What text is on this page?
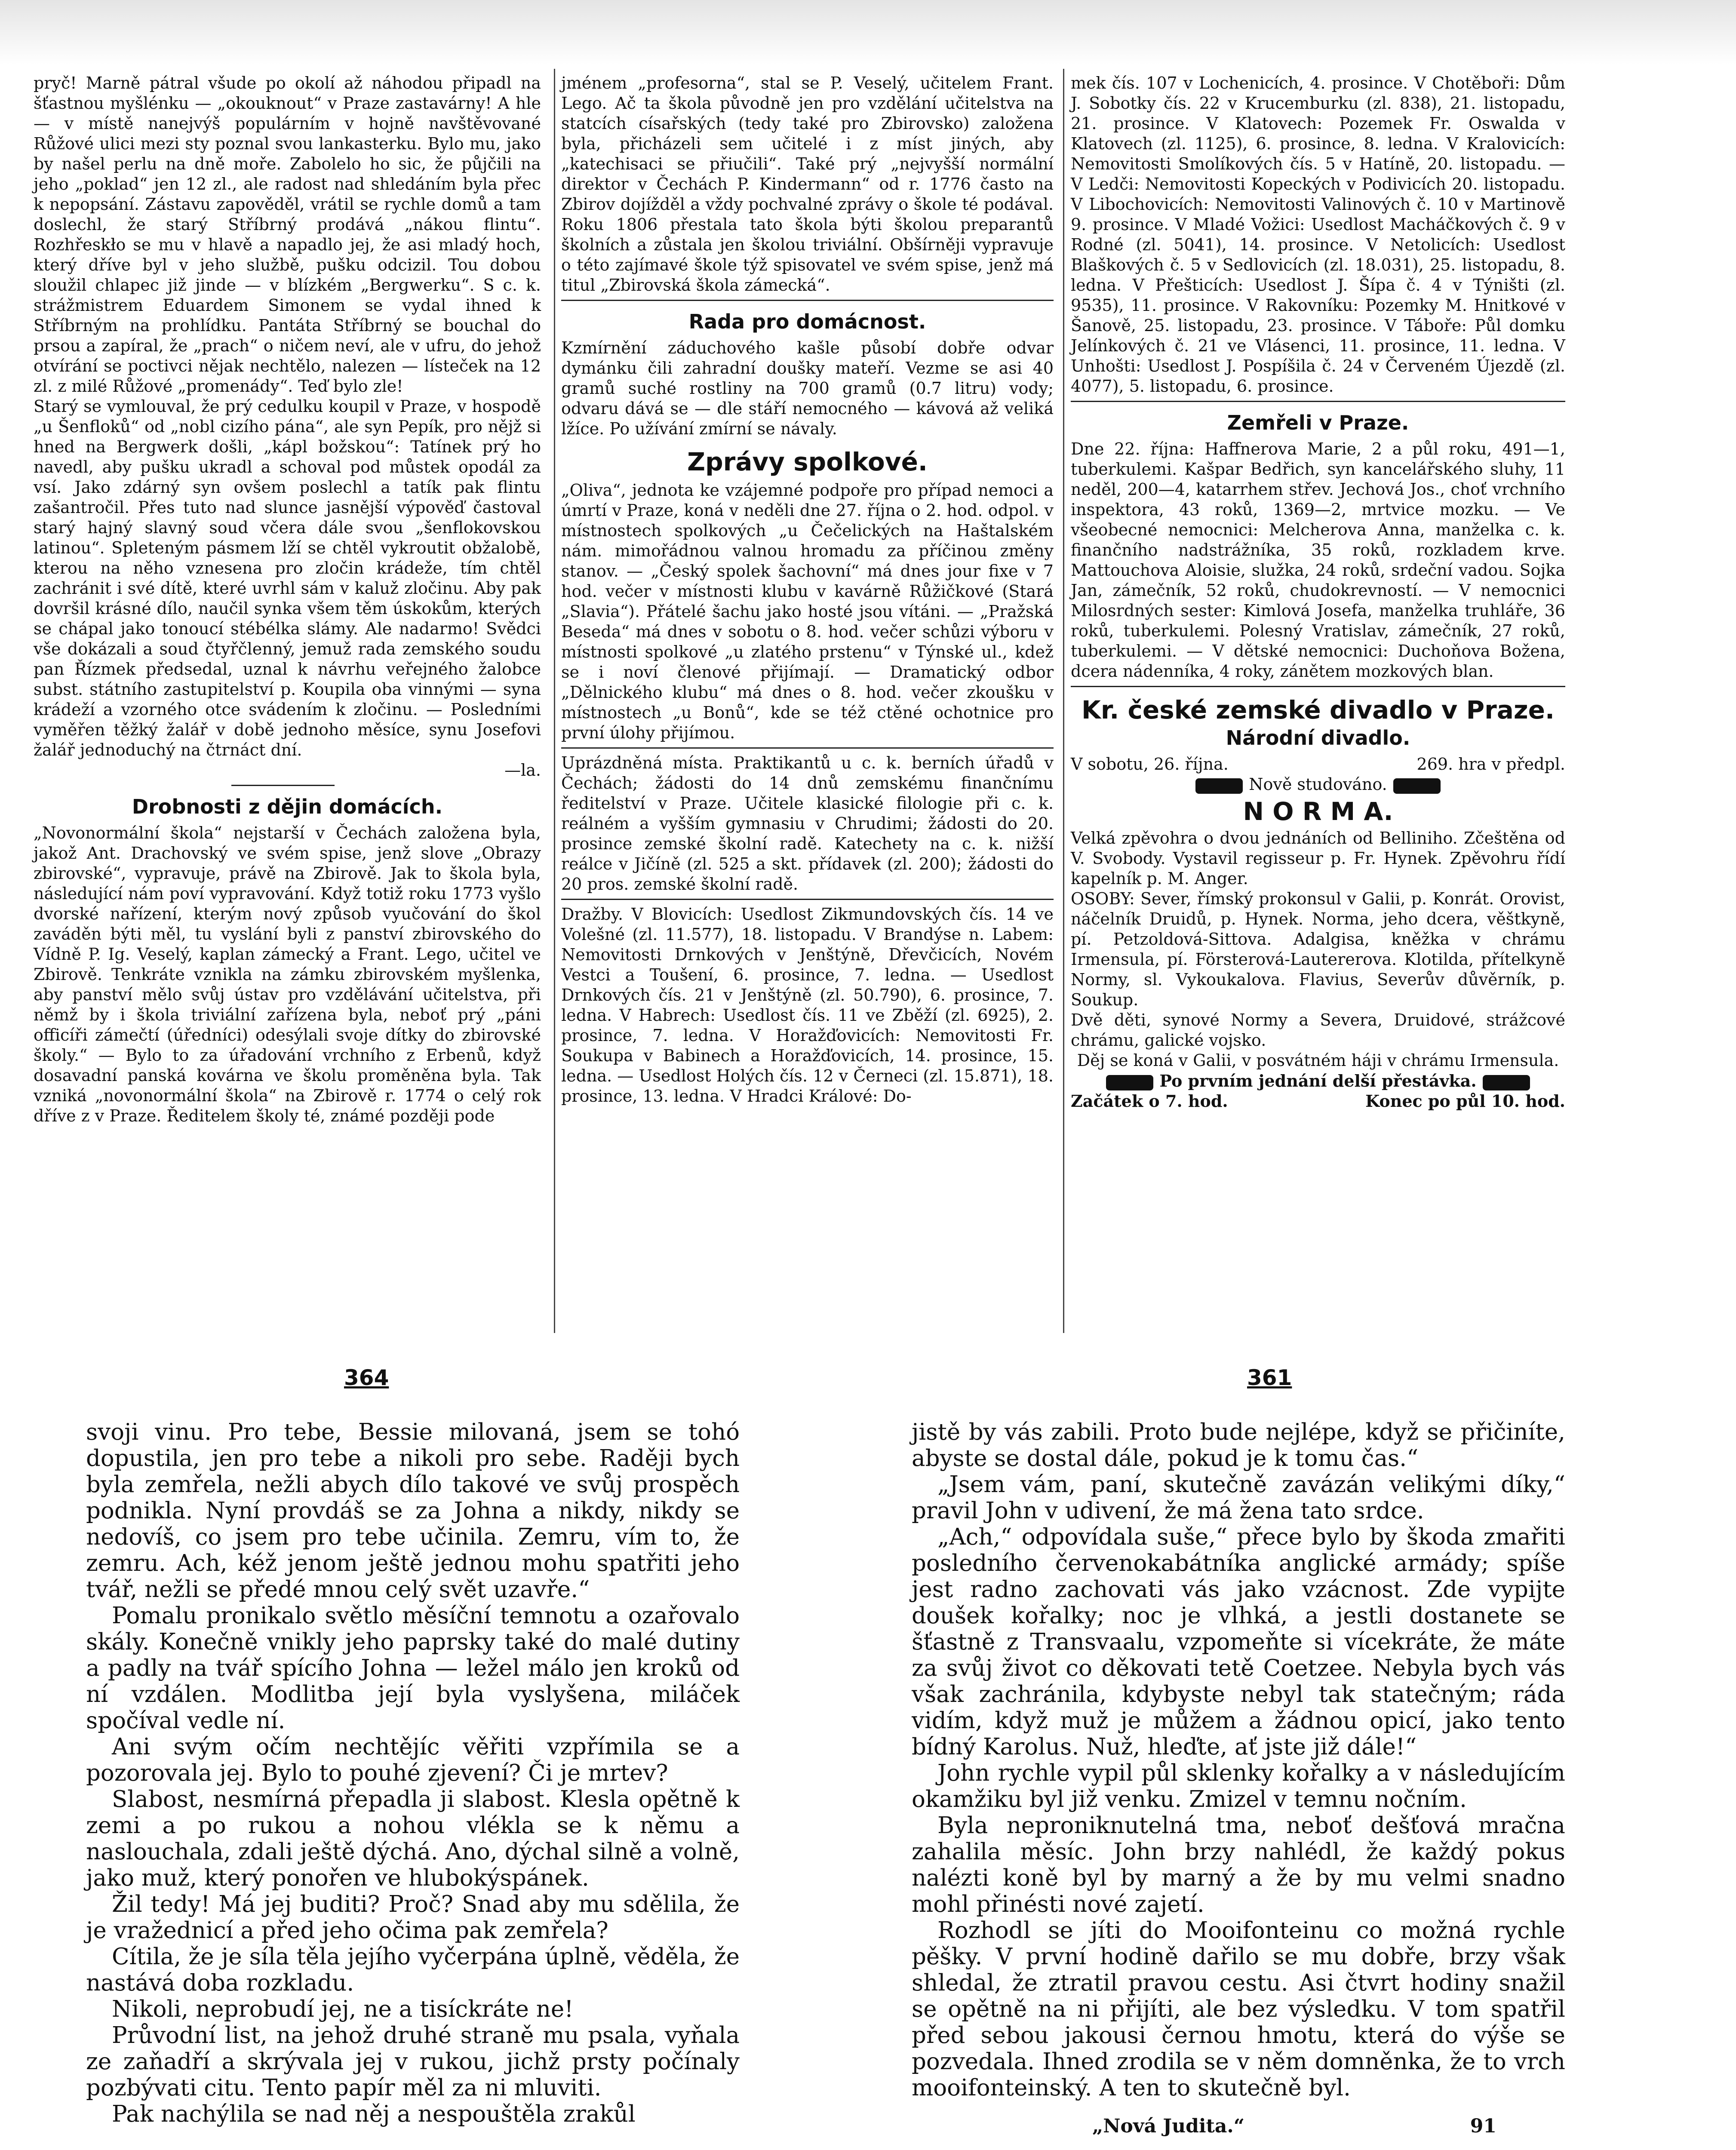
pryč! Marně pátral všude po okolí až náhodou připadl na šťastnou myšlénku — „okouknout“ v Praze zastavárny! A hle — v místě nanejvýš populárním v hojně navštěvované Růžové ulici mezi sty poznal svou lankasterku. Bylo mu, jako by našel perlu na dně moře. Zabolelo ho sic, že půjčili na jeho „poklad“ jen 12 zl., ale radost nad shledáním byla přec k nepopsání. Zástavu zapověděl, vrátil se rychle domů a tam doslechl, že starý Stříbrný prodává „nákou flintu“. Rozhřeskło se mu v hlavě a napadlo jej, že asi mladý hoch, který dříve byl v jeho službě, pušku odcizil. Tou dobou sloužil chlapec již jinde — v blízkém „Bergwerku“. S c. k. strážmistrem Eduardem Simonem se vydal ihned k Stříbrným na prohlídku. Pantáta Stříbrný se bouchal do prsou a zapíral, že „prach“ o ničem neví, ale v ufru, do jehož otvírání se poctivci nějak nechtělo, nalezen — lísteček na 12 zl. z milé Růžové „promenády“. Teď bylo zle!

Starý se vymlouval, že prý cedulku koupil v Praze, v hospodě „u Šenfloků“ od „nobl cizího pána“, ale syn Pepík, pro nějž si hned na Bergwerk došli, „kápl božskou“: Tatínek prý ho navedl, aby pušku ukradl a schoval pod můstek opodál za vsí. Jako zdárný syn ovšem poslechl a tatík pak flintu zašantročil. Přes tuto nad slunce jasnější výpověď častoval starý hajný slavný soud včera dále svou „šenflokovskou latinou“. Spleteným pásmem lží se chtěl vykroutit obžalobě, kterou na něho vznesena pro zločin krádeže, tím chtěl zachránit i své dítě, které uvrhl sám v kaluž zločinu. Aby pak dovršil krásné dílo, naučil synka všem těm úskokům, kterých se chápal jako tonoucí stébélka slámy. Ale nadarmo! Svědci vše dokázali a soud čtyřčlenný, jemuž rada zemského soudu pan Řízmek předsedal, uznal k návrhu veřejného žalobce subst. státního zastupitelství p. Koupila oba vinnými — syna krádeží a vzorného otce svádením k zločinu. — Posledními vyměřen těžký žalář v době jednoho měsíce, synu Josefovi žalář jednoduchý na čtrnáct dní.

—la.

Drobnosti z dějin domácích.

„Novonormální škola“ nejstarší v Čechách založena byla, jakož Ant. Drachovský ve svém spise, jenž slove „Obrazy zbirovské“, vypravuje, právě na Zbirově. Jak to škola byla, následující nám poví vypravování. Když totiž roku 1773 vyšlo dvorské nařízení, kterým nový způsob vyučování do škol zaváděn býti měl, tu vyslání byli z panství zbirovského do Vídně P. Ig. Veselý, kaplan zámecký a Frant. Lego, učitel ve Zbirově. Tenkráte vznikla na zámku zbirovském myšlenka, aby panství mělo svůj ústav pro vzdělávání učitelstva, při němž by i škola triviální zařízena byla, neboť prý „páni officíři zámečtí (úředníci) odesýlali svoje dítky do zbirovské školy.“ — Bylo to za úřadování vrchního z Erbenů, když dosavadní panská kovárna ve školu proměněna byla. Tak vzniká „novonormální škola“ na Zbirově r. 1774 o celý rok dříve z v Praze. Ředitelem školy té, známé později pode

jménem „profesorna“, stal se P. Veselý, učitelem Frant. Lego. Ač ta škola původně jen pro vzdělání učitelstva na statcích císařských (tedy také pro Zbirovsko) založena byla, přicházeli sem učitelé i z míst jiných, aby „katechisaci se přiučili“. Také prý „nejvyšší normální direktor v Čechách P. Kindermann“ od r. 1776 často na Zbirov dojížděl a vždy pochvalné zprávy o škole té podával. Roku 1806 přestala tato škola býti školou preparantů školních a zůstala jen školou triviální. Obšírněji vypravuje o této zajímavé škole týž spisovatel ve svém spise, jenž má titul „Zbirovská škola zámecká“.

Rada pro domácnost.

Kzmírnění záduchového kašle působí dobře odvar dymánku čili zahradní doušky mateří. Vezme se asi 40 gramů suché rostliny na 700 gramů (0.7 litru) vody; odvaru dává se — dle stáří nemocného — kávová až veliká lžíce. Po užívání zmírní se návaly.

Zprávy spolkové.

„Oliva“, jednota ke vzájemné podpoře pro případ nemoci a úmrtí v Praze, koná v neděli dne 27. října o 2. hod. odpol. v místnostech spolkových „u Čečelických na Haštalském nám. mimořádnou valnou hromadu za příčinou změny stanov. — „Český spolek šachovní“ má dnes jour fixe v 7 hod. večer v místnosti klubu v kavárně Růžičkové (Stará „Slavia“). Přátelé šachu jako hosté jsou vítáni. — „Pražská Beseda“ má dnes v sobotu o 8. hod. večer schůzi výboru v místnosti spolkové „u zlatého prstenu“ v Týnské ul., kdež se i noví členové přijímají. — Dramatický odbor „Dělnického klubu“ má dnes o 8. hod. večer zkoušku v místnostech „u Bonů“, kde se též ctěné ochotnice pro první úlohy přijímou.

Uprázdněná místa. Praktikantů u c. k. berních úřadů v Čechách; žádosti do 14 dnů zemskému finančnímu ředitelství v Praze. Učitele klasické filologie při c. k. reálném a vyšším gymnasiu v Chrudimi; žádosti do 20. prosince zemské školní radě. Katechety na c. k. nižší reálce v Jičíně (zl. 525 a skt. přídavek (zl. 200); žádosti do 20 pros. zemské školní radě.

Dražby. V Blovicích: Usedlost Zikmundovských čís. 14 ve Volešné (zl. 11.577), 18. listopadu. V Brandýse n. Labem: Nemovitosti Drnkových v Jenštýně, Dřevčicích, Novém Vestci a Toušení, 6. prosince, 7. ledna. — Usedlost Drnkových čís. 21 v Jenštýně (zl. 50.790), 6. prosince, 7. ledna. V Habrech: Usedlost čís. 11 ve Zběží (zl. 6925), 2. prosince, 7. ledna. V Horažďovicích: Nemovitosti Fr. Soukupa v Babinech a Horažďovicích, 14. prosince, 15. ledna. — Usedlost Holých čís. 12 v Černeci (zl. 15.871), 18. prosince, 13. ledna. V Hradci Králové: Do-

mek čís. 107 v Lochenicích, 4. prosince. V Chotěboři: Dům J. Sobotky čís. 22 v Krucemburku (zl. 838), 21. listopadu, 21. prosince. V Klatovech: Pozemek Fr. Oswalda v Klatovech (zl. 1125), 6. prosince, 8. ledna. V Kralovicích: Nemovitosti Smolíkových čís. 5 v Hatíně, 20. listopadu. — V Ledči: Nemovitosti Kopeckých v Podivicích 20. listopadu. V Libochovicích: Nemovitosti Valinových č. 10 v Martinově 9. prosince. V Mladé Vožici: Usedlost Macháčkových č. 9 v Rodné (zl. 5041), 14. prosince. V Netolicích: Usedlost Blaškových č. 5 v Sedlovicích (zl. 18.031), 25. listopadu, 8. ledna. V Přešticích: Usedlost J. Šípa č. 4 v Týništi (zl. 9535), 11. prosince. V Rakovníku: Pozemky M. Hnitkové v Šanově, 25. listopadu, 23. prosince. V Táboře: Půl domku Jelínkových č. 21 ve Vlásenci, 11. prosince, 11. ledna. V Unhošti: Usedlost J. Pospíšila č. 24 v Červeném Újezdě (zl. 4077), 5. listopadu, 6. prosince.

Zemřeli v Praze.

Dne 22. října: Haffnerova Marie, 2 a půl roku, 491—1, tuberkulemi. Kašpar Bedřich, syn kancelářského sluhy, 11 neděl, 200—4, katarrhem střev. Jechová Jos., choť vrchního inspektora, 43 roků, 1369—2, mrtvice mozku. — Ve všeobecné nemocnici: Melcherova Anna, manželka c. k. finančního nadstrážníka, 35 roků, rozkladem krve. Mattouchova Aloisie, služka, 24 roků, srdeční vadou. Sojka Jan, zámečník, 52 roků, chudokrevností. — V nemocnici Milosrdných sester: Kimlová Josefa, manželka truhláře, 36 roků, tuberkulemi. Polesný Vratislav, zámečník, 27 roků, tuberkulemi. — V dětské nemocnici: Duchoňova Božena, dcera nádenníka, 4 roky, zánětem mozkových blan.

Kr. české zemské divadlo v Praze.
Národní divadlo.
V sobotu, 26. října.	269. hra v předpl.

Nově studováno.

N O R M A.

Velká zpěvohra o dvou jednáních od Belliniho. Zčeštěna od V. Svobody. Vystavil regisseur p. Fr. Hynek. Zpěvohru řídí kapelník p. M. Anger.

OSOBY: Sever, římský prokonsul v Galii, p. Konrát. Orovist, náčelník Druidů, p. Hynek. Norma, jeho dcera, věštkyně, pí. Petzoldová-Sittova. Adalgisa, kněžka v chrámu Irmensula, pí. Försterová-Lautererova. Klotilda, přítelkyně Normy, sl. Vykoukalova. Flavius, Severův důvěrník, p. Soukup.

Dvě děti, synové Normy a Severa, Druidové, strážcové chrámu, galické vojsko.

Děj se koná v Galii, v posvátném háji v chrámu Irmensula.

Po prvním jednání delší přestávka.

Začátek o 7. hod.	Konec po půl 10. hod.
364

svoji vinu. Pro tebe, Bessie milovaná, jsem se tohó dopustila, jen pro tebe a nikoli pro sebe. Raději bych byla zemřela, nežli abych dílo takové ve svůj prospěch podnikla. Nyní provdáš se za Johna a nikdy, nikdy se nedovíš, co jsem pro tebe učinila. Zemru, vím to, že zemru. Ach, kéž jenom ještě jednou mohu spatřiti jeho tvář, nežli se předé mnou celý svět uzavře.“

Pomalu pronikalo světlo měsíční temnotu a ozařovalo skály. Konečně vnikly jeho paprsky také do malé dutiny a padly na tvář spícího Johna — ležel málo jen kroků od ní vzdálen. Modlitba její byla vyslyšena, miláček spočíval vedle ní.

Ani svým očím nechtějíc věřiti vzpřímila se a pozorovala jej. Bylo to pouhé zjevení? Či je mrtev?

Slabost, nesmírná přepadla ji slabost. Klesla opětně k zemi a po rukou a nohou vlékla se k němu a naslouchala, zdali ještě dýchá. Ano, dýchal silně a volně, jako muž, který ponořen ve hlubokýspánek.

Žil tedy! Má jej buditi? Proč? Snad aby mu sdělila, že je vražednicí a před jeho očima pak zemřela?

Cítila, že je síla těla jejího vyčerpána úplně, věděla, že nastává doba rozkladu.

Nikoli, neprobudí jej, ne a tisíckráte ne!

Průvodní list, na jehož druhé straně mu psala, vyňala ze zaňadří a skrývala jej v rukou, jichž prsty počínaly pozbývati citu. Tento papír měl za ni mluviti.

Pak nachýlila se nad něj a nespouštěla zrakůl

361

jistě by vás zabili. Proto bude nejlépe, když se přičiníte, abyste se dostal dále, pokud je k tomu čas.“

„Jsem vám, paní, skutečně zavázán velikými díky,“ pravil John v udivení, že má žena tato srdce.

„Ach,“ odpovídala suše,“ přece bylo by škoda zmařiti posledního červenokabátníka anglické armády; spíše jest radno zachovati vás jako vzácnost. Zde vypijte doušek kořalky; noc je vlhká, a jestli dostanete se šťastně z Transvaalu, vzpomeňte si vícekráte, že máte za svůj život co děkovati tetě Coetzee. Nebyla bych vás však zachránila, kdybyste nebyl tak statečným; ráda vidím, když muž je můžem a žádnou opicí, jako tento bídný Karolus. Nuž, hleďte, ať jste již dále!“

John rychle vypil půl sklenky kořalky a v následujícím okamžiku byl již venku. Zmizel v temnu nočním.

Byla neproniknutelná tma, neboť dešťová mračna zahalila měsíc. John brzy nahlédl, že každý pokus nalézti koně byl by marný a že by mu velmi snadno mohl přinésti nové zajetí.

Rozhodl se jíti do Mooifonteinu co možná rychle pěšky. V první hodině dařilo se mu dobře, brzy však shledal, že ztratil pravou cestu. Asi čtvrt hodiny snažil se opětně na ni přijíti, ale bez výsledku. V tom spatřil před sebou jakousi černou hmotu, která do výše se pozvedala. Ihned zrodila se v něm domněnka, že to vrch mooifonteinský. A ten to skutečně byl.

„Nová Judita.“	91
